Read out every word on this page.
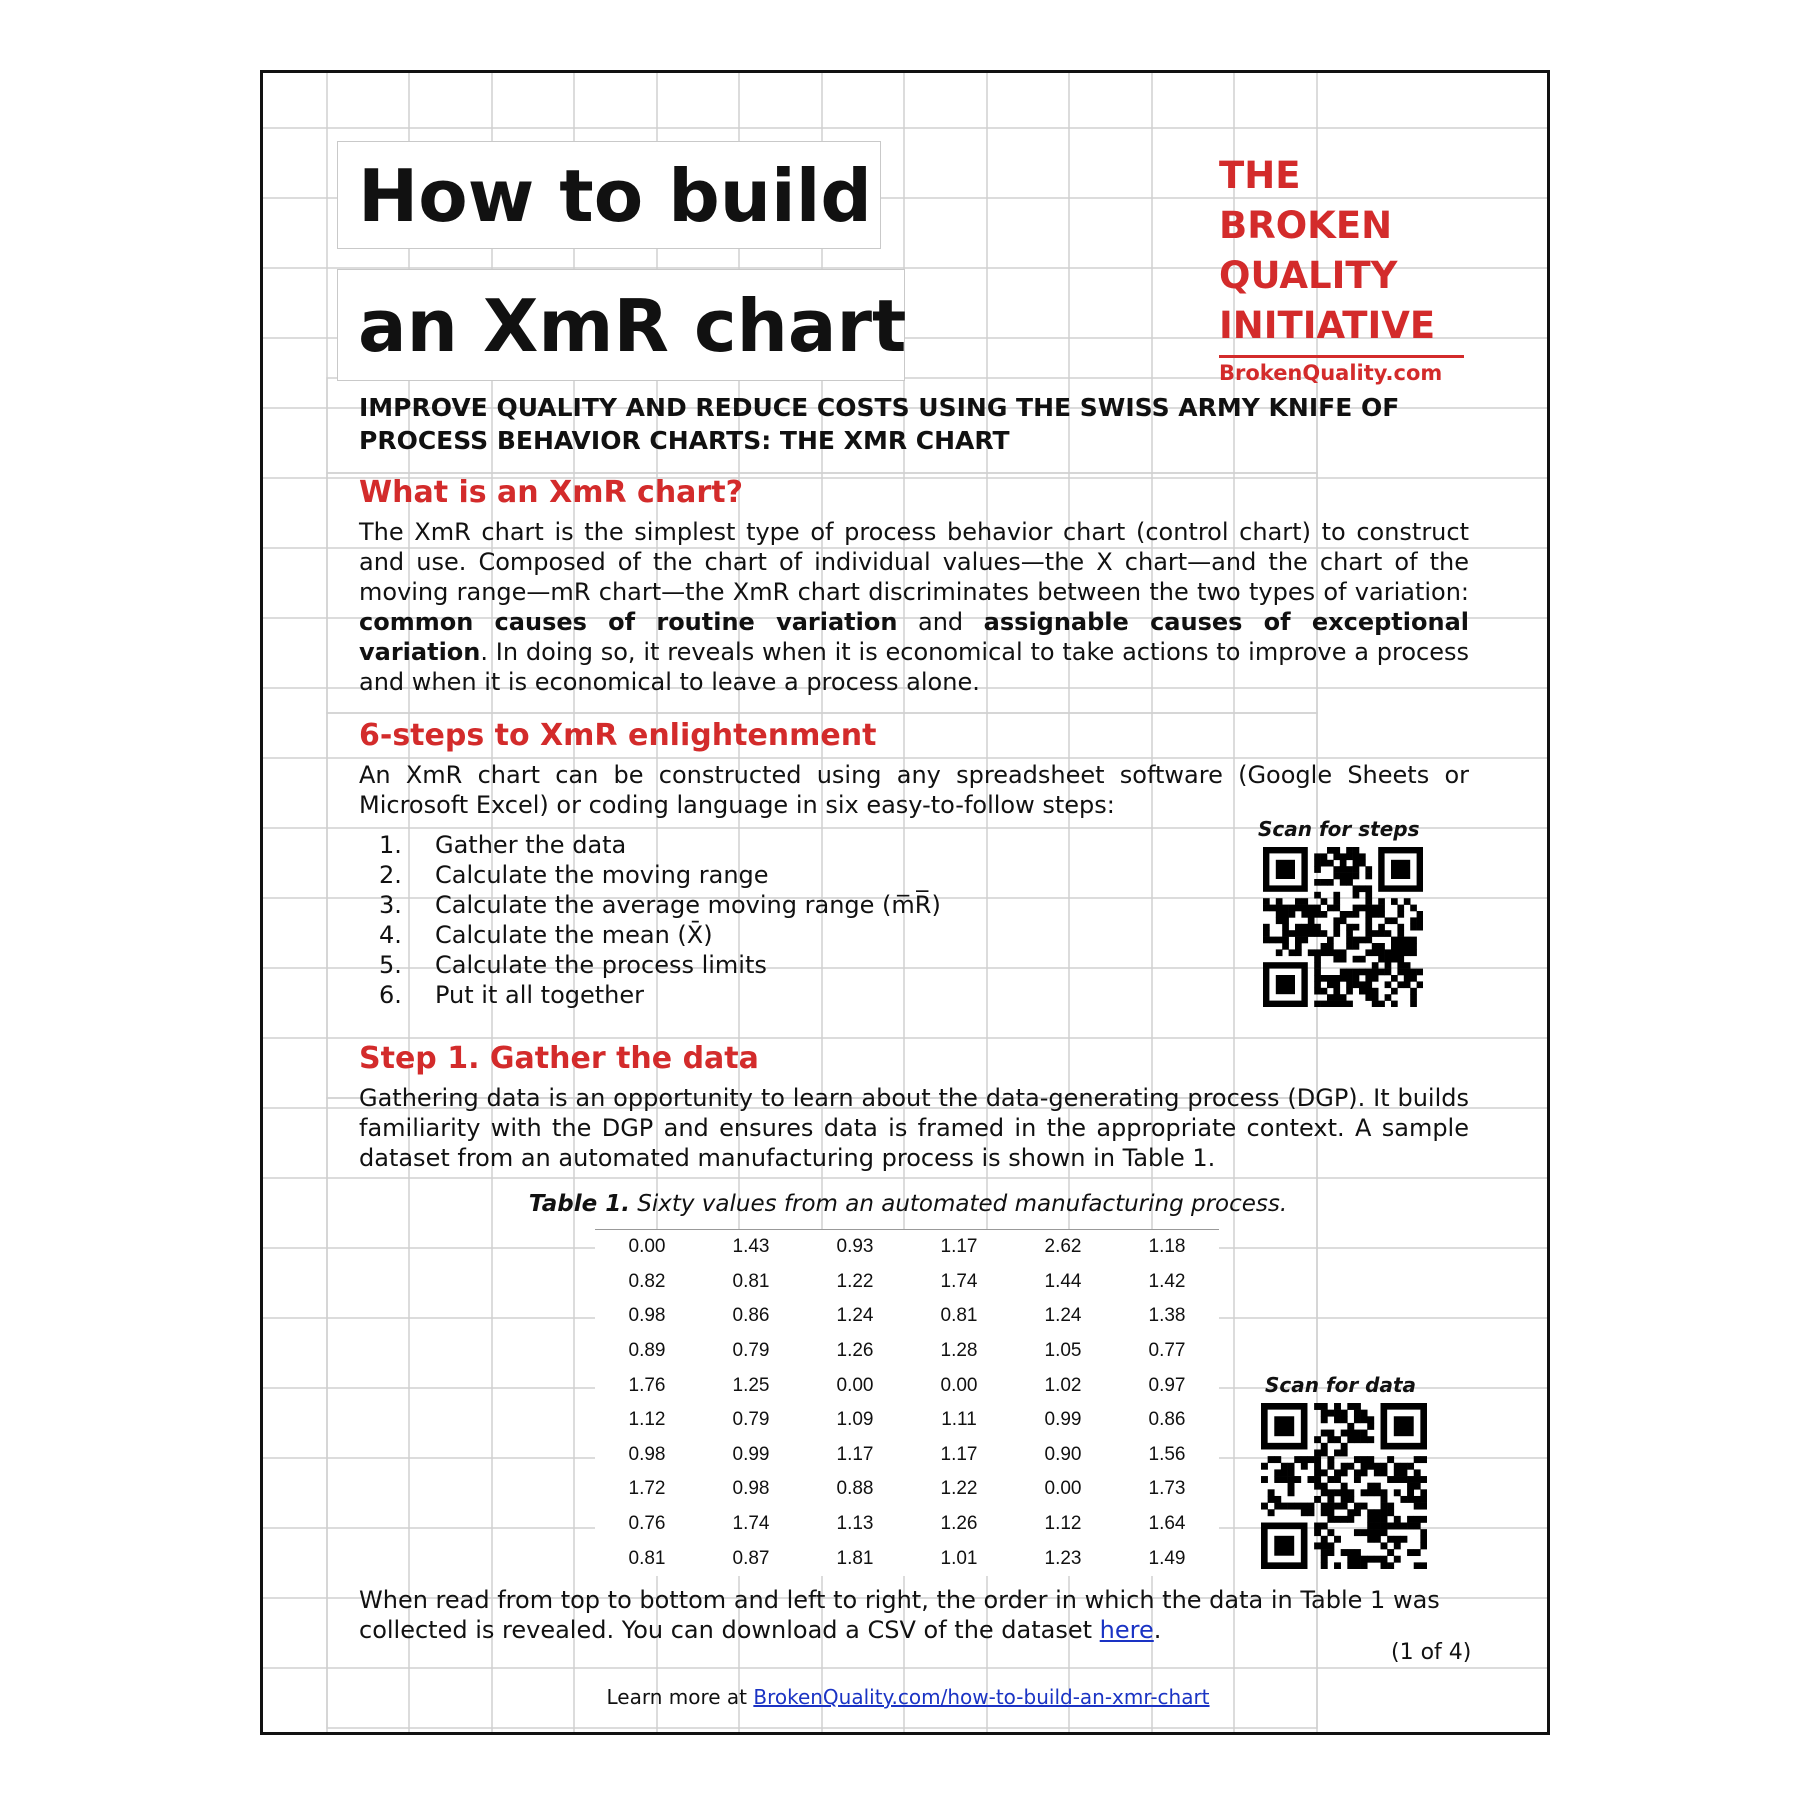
How to build
an XmR chart
THE
BROKEN
QUALITY
INITIATIVE
BrokenQuality.com
IMPROVE QUALITY AND REDUCE COSTS USING THE SWISS ARMY KNIFE OF PROCESS BEHAVIOR CHARTS: THE XMR CHART
What is an XmR chart?
The XmR chart is the simplest type of process behavior chart (control chart) to construct and use. Composed of the chart of individual values—the X chart—and the chart of the moving range—mR chart—the XmR chart discriminates between the two types of variation: common causes of routine variation and assignable causes of exceptional variation. In doing so, it reveals when it is economical to take actions to improve a process and when it is economical to leave a process alone.
6-steps to XmR enlightenment
An XmR chart can be constructed using any spreadsheet software (Google Sheets or Microsoft Excel) or coding language in six easy-to-follow steps:
1.	Gather the data
2.	Calculate the moving range
3.	Calculate the average moving range (m̅R̅)
4.	Calculate the mean (X̄)
5.	Calculate the process limits
6.	Put it all together
Scan for steps
Step 1. Gather the data
Gathering data is an opportunity to learn about the data-generating process (DGP). It builds familiarity with the DGP and ensures data is framed in the appropriate context. A sample dataset from an automated manufacturing process is shown in Table 1.
Table 1. Sixty values from an automated manufacturing process.
0.00	1.43	0.93	1.17	2.62	1.18
0.82	0.81	1.22	1.74	1.44	1.42
0.98	0.86	1.24	0.81	1.24	1.38
0.89	0.79	1.26	1.28	1.05	0.77
1.76	1.25	0.00	0.00	1.02	0.97
1.12	0.79	1.09	1.11	0.99	0.86
0.98	0.99	1.17	1.17	0.90	1.56
1.72	0.98	0.88	1.22	0.00	1.73
0.76	1.74	1.13	1.26	1.12	1.64
0.81	0.87	1.81	1.01	1.23	1.49
Scan for data
When read from top to bottom and left to right, the order in which the data in Table 1 was collected is revealed. You can download a CSV of the dataset here.
(1 of 4)
Learn more at BrokenQuality.com/how-to-build-an-xmr-chart
